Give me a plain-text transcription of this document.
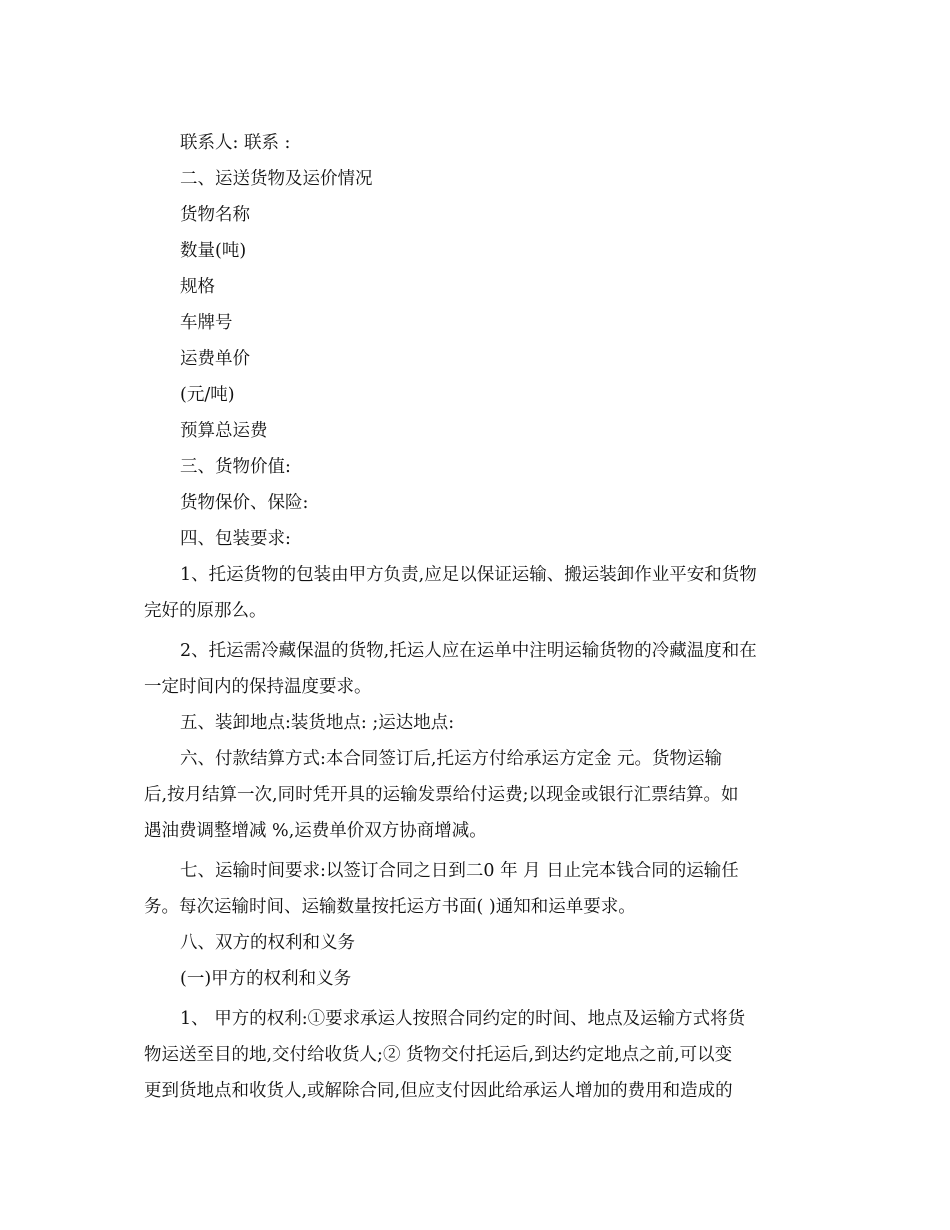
联系人: 联系 :
二、运送货物及运价情况
货物名称
数量(吨)
规格
车牌号
运费单价
(元/吨)
预算总运费
三、货物价值:
货物保价、保险:
四、包装要求:
1、托运货物的包装由甲方负责,应足以保证运输、搬运装卸作业平安和货物
完好的原那么。
2、托运需冷藏保温的货物,托运人应在运单中注明运输货物的冷藏温度和在
一定时间内的保持温度要求。
五、装卸地点:装货地点: ;运达地点:
六、付款结算方式:本合同签订后,托运方付给承运方定金 元。货物运输
后,按月结算一次,同时凭开具的运输发票给付运费;以现金或银行汇票结算。如
遇油费调整增减 %,运费单价双方协商增减。
七、运输时间要求:以签订合同之日到二0 年 月 日止完本钱合同的运输任
务。每次运输时间、运输数量按托运方书面( )通知和运单要求。
八、双方的权利和义务
(一)甲方的权利和义务
1、 甲方的权利:①要求承运人按照合同约定的时间、地点及运输方式将货
物运送至目的地,交付给收货人;② 货物交付托运后,到达约定地点之前,可以变
更到货地点和收货人,或解除合同,但应支付因此给承运人增加的费用和造成的
